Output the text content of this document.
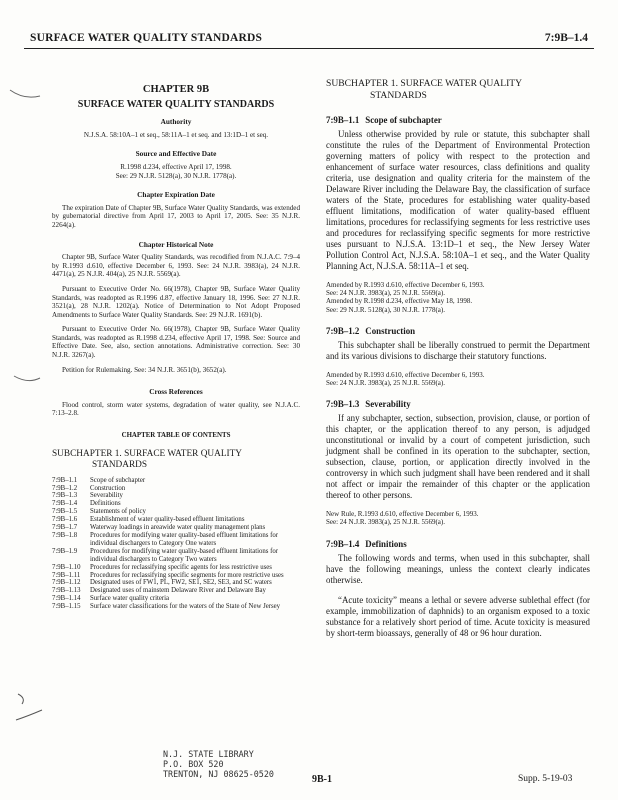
SURFACE WATER QUALITY STANDARDS	7:9B–1.4
CHAPTER 9B
SURFACE WATER QUALITY STANDARDS
Authority
N.J.S.A. 58:10A–1 et seq., 58:11A–1 et seq. and 13:1D–1 et seq.
Source and Effective Date
R.1998 d.234, effective April 17, 1998.
See: 29 N.J.R. 5128(a), 30 N.J.R. 1778(a).
Chapter Expiration Date
The expiration Date of Chapter 9B, Surface Water Quality Standards, was extended by gubernatorial directive from April 17, 2003 to April 17, 2005. See: 35 N.J.R. 2264(a).
Chapter Historical Note
Chapter 9B, Surface Water Quality Standards, was recodified from N.J.A.C. 7:9–4 by R.1993 d.610, effective December 6, 1993. See: 24 N.J.R. 3983(a), 24 N.J.R. 4471(a), 25 N.J.R. 404(a), 25 N.J.R. 5569(a).
Pursuant to Executive Order No. 66(1978), Chapter 9B, Surface Water Quality Standards, was readopted as R.1996 d.87, effective January 18, 1996. See: 27 N.J.R. 3521(a), 28 N.J.R. 1202(a). Notice of Determination to Not Adopt Proposed Amendments to Surface Water Quality Standards. See: 29 N.J.R. 1691(b).
Pursuant to Executive Order No. 66(1978), Chapter 9B, Surface Water Quality Standards, was readopted as R.1998 d.234, effective April 17, 1998. See: Source and Effective Date. See, also, section annotations. Administrative correction. See: 30 N.J.R. 3267(a).
Petition for Rulemaking. See: 34 N.J.R. 3651(b), 3652(a).
Cross References
Flood control, storm water systems, degradation of water quality, see N.J.A.C. 7:13–2.8.
CHAPTER TABLE OF CONTENTS
SUBCHAPTER 1. SURFACE WATER QUALITY
STANDARDS
7:9B–1.1	Scope of subchapter
7:9B–1.2	Construction
7:9B–1.3	Severability
7:9B–1.4	Definitions
7:9B–1.5	Statements of policy
7:9B–1.6	Establishment of water quality-based effluent limitations
7:9B–1.7	Waterway loadings in areawide water quality management plans
7:9B–1.8	Procedures for modifying water quality-based effluent limitations for individual dischargers to Category One waters
7:9B–1.9	Procedures for modifying water quality-based effluent limitations for individual dischargers to Category Two waters
7:9B–1.10	Procedures for reclassifying specific agents for less restrictive uses
7:9B–1.11	Procedures for reclassifying specific segments for more restrictive uses
7:9B–1.12	Designated uses of FW1, PL, FW2, SE1, SE2, SE3, and SC waters
7:9B–1.13	Designated uses of mainstem Delaware River and Delaware Bay
7:9B–1.14	Surface water quality criteria
7:9B–1.15	Surface water classifications for the waters of the State of New Jersey
SUBCHAPTER 1. SURFACE WATER QUALITY
STANDARDS
7:9B–1.1 Scope of subchapter
Unless otherwise provided by rule or statute, this subchapter shall constitute the rules of the Department of Environmental Protection governing matters of policy with respect to the protection and enhancement of surface water resources, class definitions and quality criteria, use designation and quality criteria for the mainstem of the Delaware River including the Delaware Bay, the classification of surface waters of the State, procedures for establishing water quality-based effluent limitations, modification of water quality-based effluent limitations, procedures for reclassifying segments for less restrictive uses and procedures for reclassifying specific segments for more restrictive uses pursuant to N.J.S.A. 13:1D–1 et seq., the New Jersey Water Pollution Control Act, N.J.S.A. 58:10A–1 et seq., and the Water Quality Planning Act, N.J.S.A. 58:11A–1 et seq.
Amended by R.1993 d.610, effective December 6, 1993.
See: 24 N.J.R. 3983(a), 25 N.J.R. 5569(a).
Amended by R.1998 d.234, effective May 18, 1998.
See: 29 N.J.R. 5128(a), 30 N.J.R. 1778(a).
7:9B–1.2 Construction
This subchapter shall be liberally construed to permit the Department and its various divisions to discharge their statutory functions.
Amended by R.1993 d.610, effective December 6, 1993.
See: 24 N.J.R. 3983(a), 25 N.J.R. 5569(a).
7:9B–1.3 Severability
If any subchapter, section, subsection, provision, clause, or portion of this chapter, or the application thereof to any person, is adjudged unconstitutional or invalid by a court of competent jurisdiction, such judgment shall be confined in its operation to the subchapter, section, subsection, clause, portion, or application directly involved in the controversy in which such judgment shall have been rendered and it shall not affect or impair the remainder of this chapter or the application thereof to other persons.
New Rule, R.1993 d.610, effective December 6, 1993.
See: 24 N.J.R. 3983(a), 25 N.J.R. 5569(a).
7:9B–1.4 Definitions
The following words and terms, when used in this subchapter, shall have the following meanings, unless the context clearly indicates otherwise.
“Acute toxicity” means a lethal or severe adverse sublethal effect (for example, immobilization of daphnids) to an organism exposed to a toxic substance for a relatively short period of time. Acute toxicity is measured by short-term bioassays, generally of 48 or 96 hour duration.
N.J. STATE LIBRARY
P.O. BOX 520
TRENTON, NJ 08625-0520
9B-1	Supp. 5-19-03
